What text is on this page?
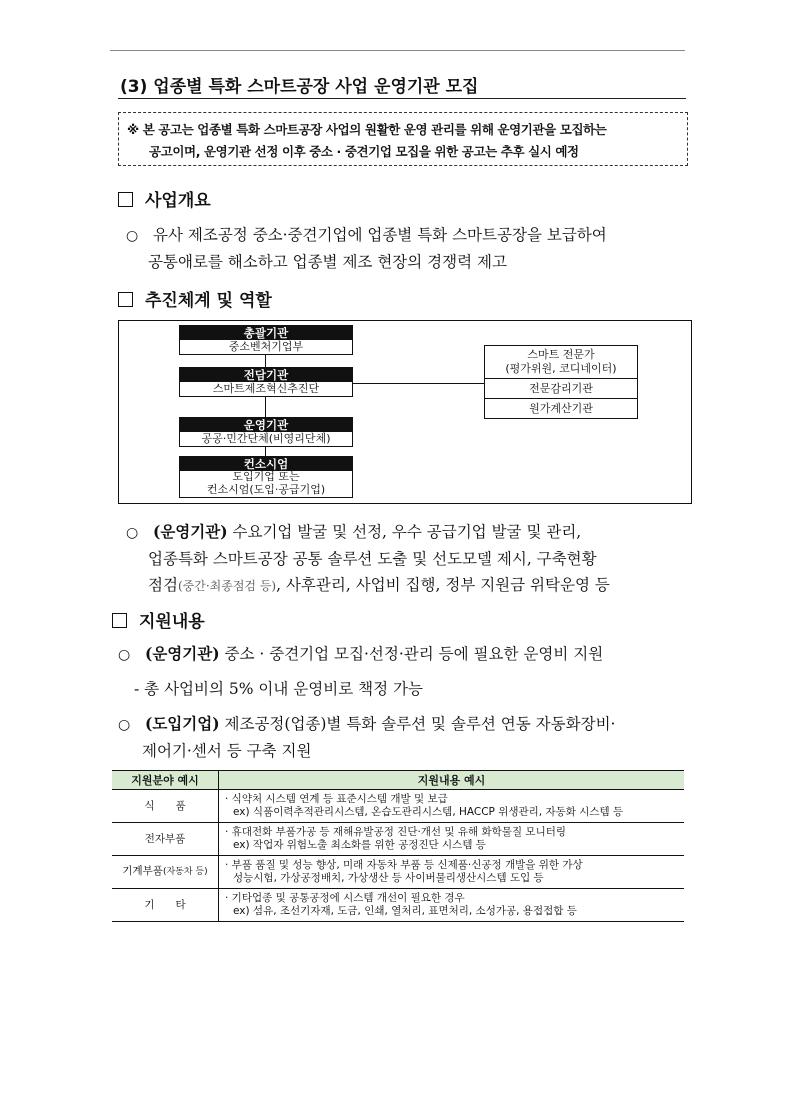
(3) 업종별 특화 스마트공장 사업 운영기관 모집
※ 본 공고는 업종별 특화 스마트공장 사업의 원활한 운영 관리를 위해 운영기관을 모집하는
공고이며, 운영기관 선정 이후 중소 · 중견기업 모집을 위한 공고는 추후 실시 예정
사업개요
○ 유사 제조공정 중소·중견기업에 업종별 특화 스마트공장을 보급하여
공통애로를 해소하고 업종별 제조 현장의 경쟁력 제고
추진체계 및 역할
총괄기관
중소벤처기업부
전담기관
스마트제조혁신추진단
운영기관
공공·민간단체(비영리단체)
컨소시엄
도입기업 또는
컨소시엄(도입·공급기업)
스마트 전문가
(평가위원, 코디네이터)
전문감리기관
원가계산기관
○ (운영기관) 수요기업 발굴 및 선정, 우수 공급기업 발굴 및 관리,
업종특화 스마트공장 공통 솔루션 도출 및 선도모델 제시, 구축현황
점검(중간·최종점검 등), 사후관리, 사업비 집행, 정부 지원금 위탁운영 등
지원내용
○ (운영기관) 중소 · 중견기업 모집·선정·관리 등에 필요한 운영비 지원
- 총 사업비의 5% 이내 운영비로 책정 가능
○ (도입기업) 제조공정(업종)별 특화 솔루션 및 솔루션 연동 자동화장비·
제어기·센서 등 구축 지원
지원분야 예시	지원내용 예시
식　　품	· 식약처 시스템 연계 등 표준시스템 개발 및 보급
ex) 식품이력추적관리시스템, 온습도관리시스템, HACCP 위생관리, 자동화 시스템 등

전자부품	· 휴대전화 부품가공 등 재해유발공정 진단·개선 및 유해 화학물질 모니터링
ex) 작업자 위험노출 최소화를 위한 공정진단 시스템 등

기계부품(자동차 등)	· 부품 품질 및 성능 향상, 미래 자동차 부품 등 신제품·신공정 개발을 위한 가상
성능시험, 가상공정배치, 가상생산 등 사이버물리생산시스템 도입 등

기　　타	· 기타업종 및 공통공정에 시스템 개선이 필요한 경우
ex) 섬유, 조선기자재, 도금, 인쇄, 열처리, 표면처리, 소성가공, 용접접합 등
